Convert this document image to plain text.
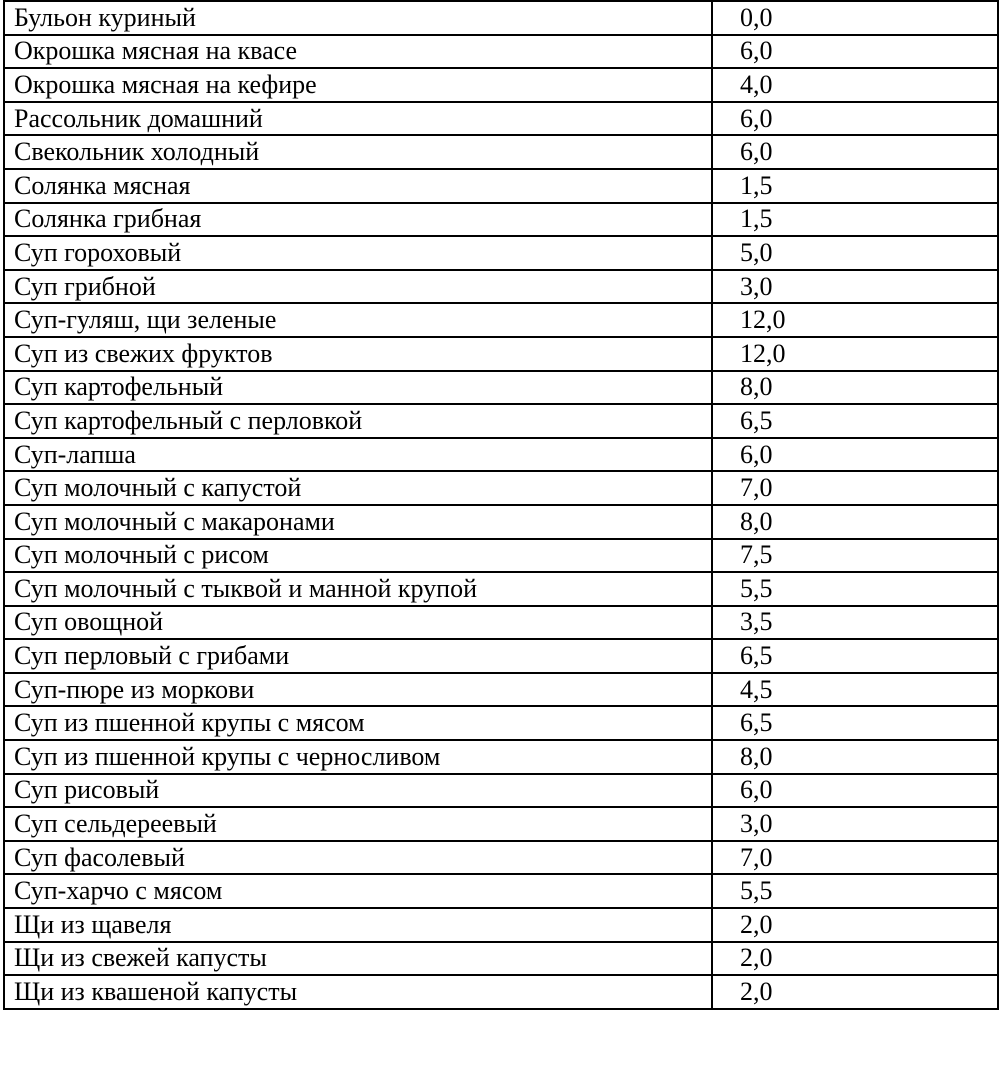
Бульон куриный	0,0
Окрошка мясная на квасе	6,0
Окрошка мясная на кефире	4,0
Рассольник домашний	6,0
Свекольник холодный	6,0
Солянка мясная	1,5
Солянка грибная	1,5
Суп гороховый	5,0
Суп грибной	3,0
Суп-гуляш, щи зеленые	12,0
Суп из свежих фруктов	12,0
Суп картофельный	8,0
Суп картофельный с перловкой	6,5
Суп-лапша	6,0
Суп молочный с капустой	7,0
Суп молочный с макаронами	8,0
Суп молочный с рисом	7,5
Суп молочный с тыквой и манной крупой	5,5
Суп овощной	3,5
Суп перловый с грибами	6,5
Суп-пюре из моркови	4,5
Суп из пшенной крупы с мясом	6,5
Суп из пшенной крупы с черносливом	8,0
Суп рисовый	6,0
Суп сельдереевый	3,0
Суп фасолевый	7,0
Суп-харчо с мясом	5,5
Щи из щавеля	2,0
Щи из свежей капусты	2,0
Щи из квашеной капусты	2,0
